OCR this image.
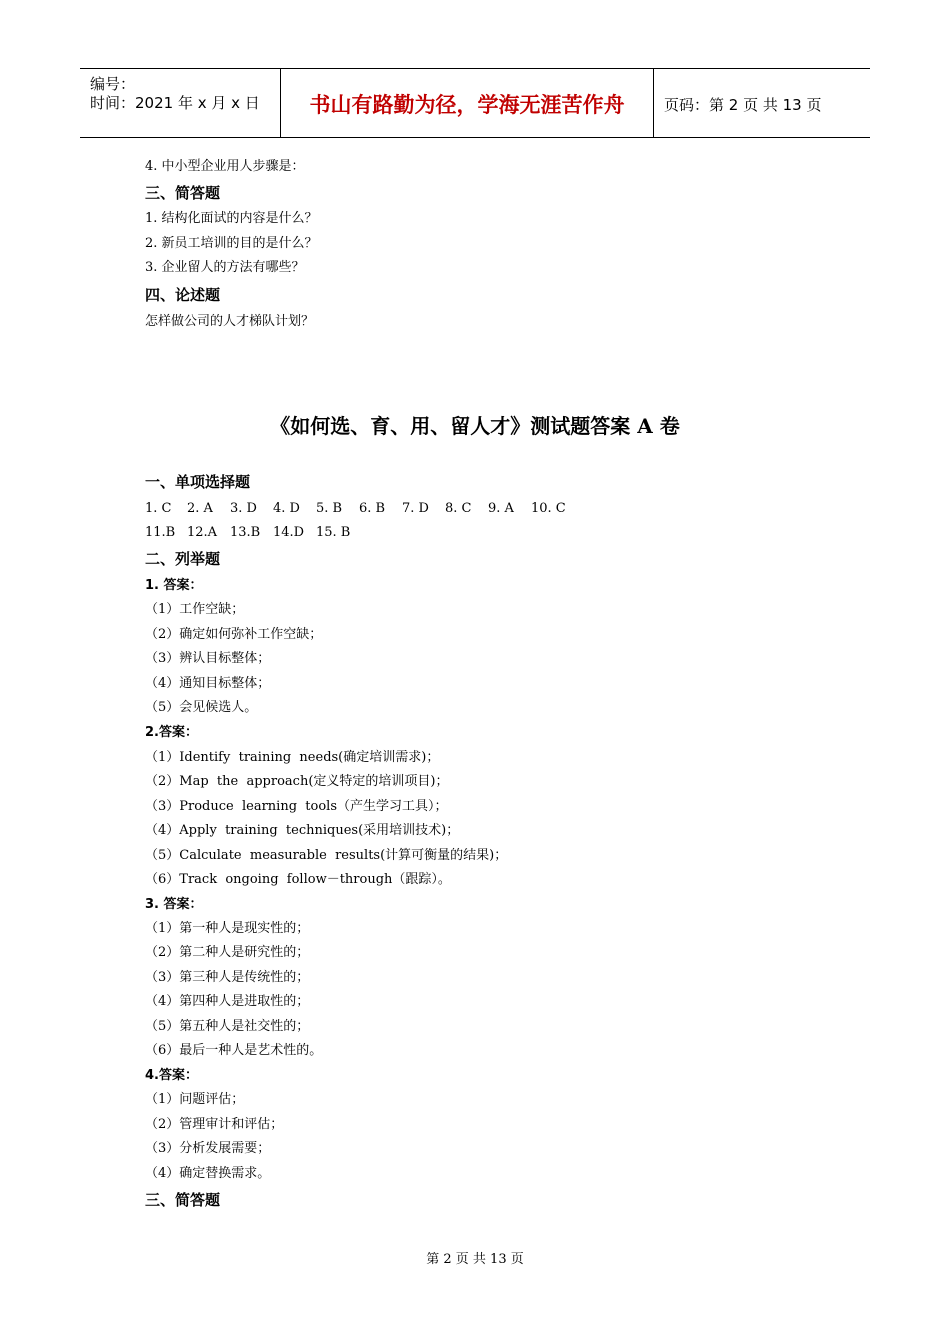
编号：
时间：2021 年 x 月 x 日	书山有路勤为径，学海无涯苦作舟	页码：第 2 页 共 13 页
4. 中小型企业用人步骤是：
三、简答题
1. 结构化面试的内容是什么？
2. 新员工培训的目的是什么？
3. 企业留人的方法有哪些？
四、论述题
怎样做公司的人才梯队计划？
《如何选、育、用、留人才》测试题答案 A 卷
一、单项选择题
1. C 2. A 3. D 4. D 5. B 6. B 7. D 8. C 9. A 10. C
11.B 12.A 13.B 14.D 15. B
二、列举题
1. 答案：
（1）工作空缺；
（2）确定如何弥补工作空缺；
（3）辨认目标整体；
（4）通知目标整体；
（5）会见候选人。
2.答案：
（1）Identify  training  needs(确定培训需求)；
（2）Map  the  approach(定义特定的培训项目)；
（3）Produce  learning  tools（产生学习工具）；
（4）Apply  training  techniques(采用培训技术)；
（5）Calculate  measurable  results(计算可衡量的结果)；
（6）Track  ongoing  follow－through（跟踪）。
3. 答案：
（1）第一种人是现实性的；
（2）第二种人是研究性的；
（3）第三种人是传统性的；
（4）第四种人是进取性的；
（5）第五种人是社交性的；
（6）最后一种人是艺术性的。
4.答案：
（1）问题评估；
（2）管理审计和评估；
（3）分析发展需要；
（4）确定替换需求。
三、简答题
第 2 页 共 13 页
